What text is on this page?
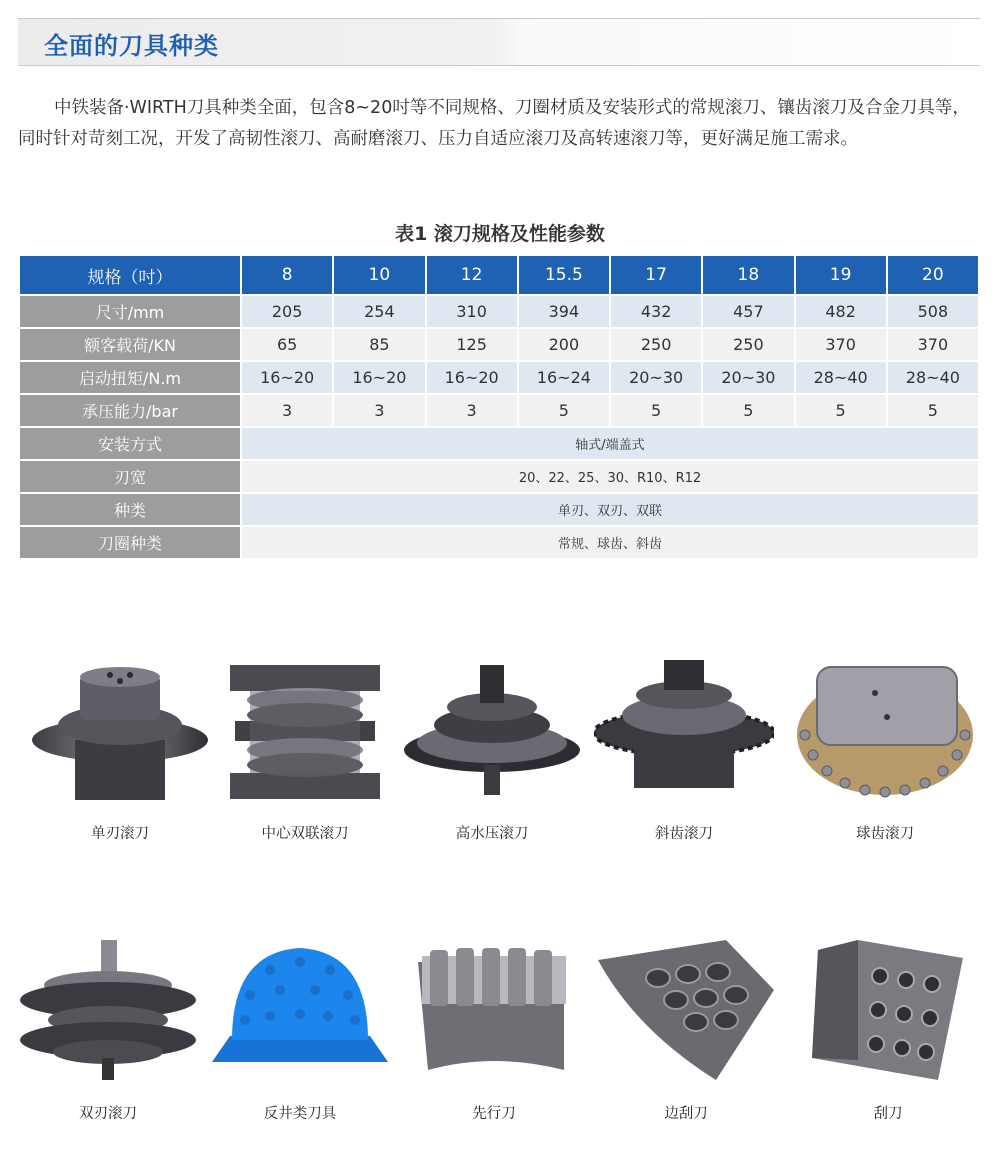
全面的刀具种类

中铁装备·WIRTH刀具种类全面，包含8~20吋等不同规格、刀圈材质及安装形式的常规滚刀、镶齿滚刀及合金刀具等，同时针对苛刻工况，开发了高韧性滚刀、高耐磨滚刀、压力自适应滚刀及高转速滚刀等，更好满足施工需求。

表1 滚刀规格及性能参数
规格（吋）	8	10	12	15.5	17	18	19	20
尺寸/mm	205	254	310	394	432	457	482	508
额客载荷/KN	65	85	125	200	250	250	370	370
启动扭矩/N.m	16~20	16~20	16~20	16~24	20~30	20~30	28~40	28~40
承压能力/bar	3	3	3	5	5	5	5	5
安装方式	轴式/端盖式							
刃宽	20、22、25、30、R10、R12							
种类	单刃、双刃、双联							
刀圈种类	常规、球齿、斜齿							
单刃滚刀	中心双联滚刀	高水压滚刀	斜齿滚刀	球齿滚刀
双刃滚刀	反井类刀具	先行刀	边刮刀	刮刀
